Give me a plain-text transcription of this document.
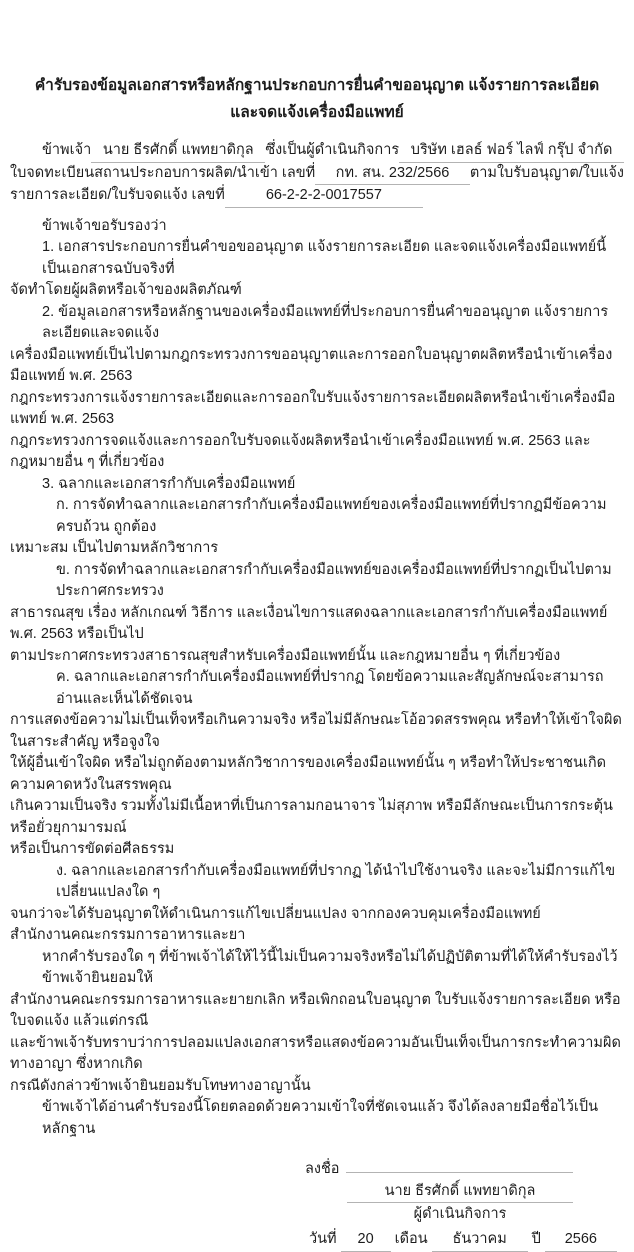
คำรับรองข้อมูลเอกสารหรือหลักฐานประกอบการยื่นคำขออนุญาต แจ้งรายการละเอียด
และจดแจ้งเครื่องมือแพทย์
ข้าพเจ้า นาย ธีรศักดิ์ แพทยาดิกุล ซึ่งเป็นผู้ดำเนินกิจการ บริษัท เฮลธ์ ฟอร์ ไลฟ์ กรุ๊ป จำกัด
ใบจดทะเบียนสถานประกอบการผลิต/นำเข้า เลขที่	กท. สน. 232/2566	ตามใบรับอนุญาต/ใบแจ้ง
รายการละเอียด/ใบรับจดแจ้ง เลขที่	66-2-2-2-0017557
ข้าพเจ้าขอรับรองว่า
1. เอกสารประกอบการยื่นคำขอขออนุญาต แจ้งรายการละเอียด และจดแจ้งเครื่องมือแพทย์นี้เป็นเอกสารฉบับจริงที่
จัดทำโดยผู้ผลิตหรือเจ้าของผลิตภัณฑ์
2. ข้อมูลเอกสารหรือหลักฐานของเครื่องมือแพทย์ที่ประกอบการยื่นคำขออนุญาต แจ้งรายการละเอียดและจดแจ้ง
เครื่องมือแพทย์เป็นไปตามกฎกระทรวงการขออนุญาตและการออกใบอนุญาตผลิตหรือนำเข้าเครื่องมือแพทย์ พ.ศ. 2563
กฎกระทรวงการแจ้งรายการละเอียดและการออกใบรับแจ้งรายการละเอียดผลิตหรือนำเข้าเครื่องมือแพทย์ พ.ศ. 2563
กฎกระทรวงการจดแจ้งและการออกใบรับจดแจ้งผลิตหรือนำเข้าเครื่องมือแพทย์ พ.ศ. 2563 และกฎหมายอื่น ๆ ที่เกี่ยวข้อง
3. ฉลากและเอกสารกำกับเครื่องมือแพทย์
ก. การจัดทำฉลากและเอกสารกำกับเครื่องมือแพทย์ของเครื่องมือแพทย์ที่ปรากฏมีข้อความครบถ้วน ถูกต้อง
เหมาะสม เป็นไปตามหลักวิชาการ
ข. การจัดทำฉลากและเอกสารกำกับเครื่องมือแพทย์ของเครื่องมือแพทย์ที่ปรากฏเป็นไปตามประกาศกระทรวง
สาธารณสุข เรื่อง หลักเกณฑ์ วิธีการ และเงื่อนไขการแสดงฉลากและเอกสารกำกับเครื่องมือแพทย์ พ.ศ. 2563 หรือเป็นไป
ตามประกาศกระทรวงสาธารณสุขสำหรับเครื่องมือแพทย์นั้น และกฎหมายอื่น ๆ ที่เกี่ยวข้อง
ค. ฉลากและเอกสารกำกับเครื่องมือแพทย์ที่ปรากฏ โดยข้อความและสัญลักษณ์จะสามารถอ่านและเห็นได้ชัดเจน
การแสดงข้อความไม่เป็นเท็จหรือเกินความจริง หรือไม่มีลักษณะโอ้อวดสรรพคุณ หรือทำให้เข้าใจผิดในสาระสำคัญ หรือจูงใจ
ให้ผู้อื่นเข้าใจผิด หรือไม่ถูกต้องตามหลักวิชาการของเครื่องมือแพทย์นั้น ๆ หรือทำให้ประชาชนเกิดความคาดหวังในสรรพคุณ
เกินความเป็นจริง รวมทั้งไม่มีเนื้อหาที่เป็นการลามกอนาจาร ไม่สุภาพ หรือมีลักษณะเป็นการกระตุ้น หรือยั่วยุกามารมณ์
หรือเป็นการขัดต่อศีลธรรม
ง. ฉลากและเอกสารกำกับเครื่องมือแพทย์ที่ปรากฏ ได้นำไปใช้งานจริง และจะไม่มีการแก้ไขเปลี่ยนแปลงใด ๆ
จนกว่าจะได้รับอนุญาตให้ดำเนินการแก้ไขเปลี่ยนแปลง จากกองควบคุมเครื่องมือแพทย์
สำนักงานคณะกรรมการอาหารและยา
หากคำรับรองใด ๆ ที่ข้าพเจ้าได้ให้ไว้นี้ไม่เป็นความจริงหรือไม่ได้ปฏิบัติตามที่ได้ให้คำรับรองไว้ ข้าพเจ้ายินยอมให้
สำนักงานคณะกรรมการอาหารและยายกเลิก หรือเพิกถอนใบอนุญาต ใบรับแจ้งรายการละเอียด หรือใบจดแจ้ง แล้วแต่กรณี
และข้าพเจ้ารับทราบว่าการปลอมแปลงเอกสารหรือแสดงข้อความอันเป็นเท็จเป็นการกระทำความผิดทางอาญา ซึ่งหากเกิด
กรณีดังกล่าวข้าพเจ้ายินยอมรับโทษทางอาญานั้น
ข้าพเจ้าได้อ่านคำรับรองนี้โดยตลอดด้วยความเข้าใจที่ชัดเจนแล้ว จึงได้ลงลายมือชื่อไว้เป็นหลักฐาน
ลงชื่อ
นาย ธีรศักดิ์ แพทยาดิกุล
ผู้ดำเนินกิจการ
วันที่	20	เดือน	ธันวาคม	ปี	2566
